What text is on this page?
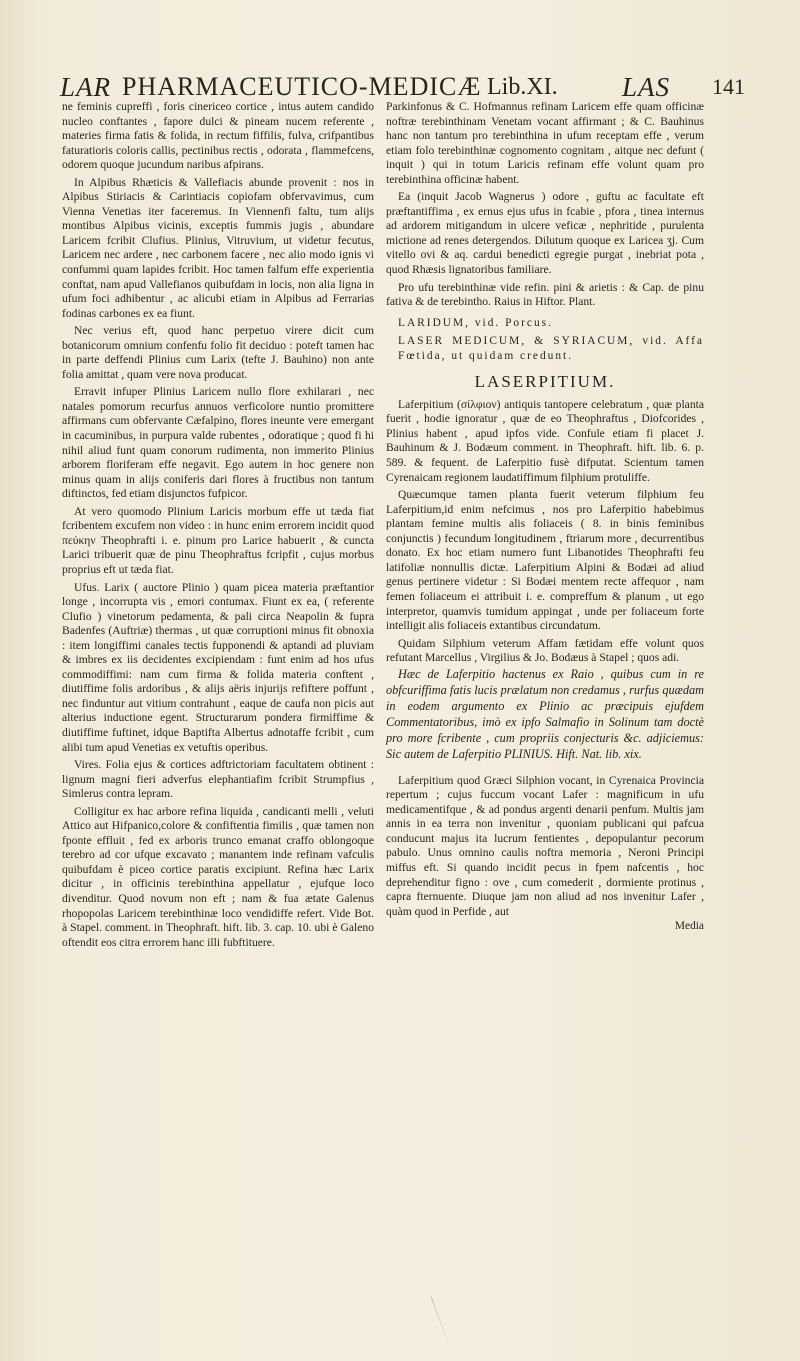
LAR PHARMACEUTICO-MEDICÆ Lib.XI. LAS 141

ne feminis cupreffi , foris cinericeo cortice , intus autem candido nucleo conftantes , fapore dulci & pineam nucem referente , materies firma fatis & folida, in rectum fiffilis, fulva, crifpantibus faturatioris coloris callis, pectinibus rectis , odorata , flammefcens, odorem quoque jucundum naribus afpirans.

In Alpibus Rhæticis & Vallefiacis abunde provenit : nos in Alpibus Stiriacis & Carintiacis copiofam obfervavimus, cum Vienna Venetias iter faceremus. In Viennenfi faltu, tum alijs montibus Alpibus vicinis, exceptis fummis jugis , abundare Laricem fcribit Clufius. Plinius, Vitruvium, ut videtur fecutus, Laricem nec ardere , nec carbonem facere , nec alio modo ignis vi confummi quam lapides fcribit. Hoc tamen falfum effe experientia conftat, nam apud Vallefianos quibufdam in locis, non alia ligna in ufum foci adhibentur , ac alicubi etiam in Alpibus ad Ferrarias fodinas carbones ex ea fiunt.

Nec verius eft, quod hanc perpetuo virere dicit cum botanicorum omnium confenfu folio fit deciduo : poteft tamen hac in parte deffendi Plinius cum Larix (tefte J. Bauhino) non ante folia amittat , quam vere nova producat.

Erravit infuper Plinius Laricem nullo flore exhilarari , nec natales pomorum recurfus annuos verficolore nuntio promittere affirmans cum obfervante Cæfalpino, flores ineunte vere emergant in cacuminibus, in purpura valde rubentes , odoratique ; quod fi hi nihil aliud funt quam conorum rudimenta, non immerito Plinius arborem floriferam effe negavit. Ego autem in hoc genere non minus quam in alijs coniferis dari flores à fructibus non tantum diftinctos, fed etiam disjunctos fufpicor.

At vero quomodo Plinium Laricis morbum effe ut tæda fiat fcribentem excufem non video : in hunc enim errorem incidit quod πεύκην Theophrafti i. e. pinum pro Larice habuerit , & cuncta Larici tribuerit quæ de pinu Theophraftus fcripfit , cujus morbus proprius eft ut tæda fiat.

Ufus. Larix ( auctore Plinio ) quam picea materia præftantior longe , incorrupta vis , emori contumax. Fiunt ex ea, ( referente Clufio ) vinetorum pedamenta, & pali circa Neapolin & fupra Badenfes (Auftriæ) thermas , ut quæ corruptioni minus fit obnoxia : item longiffimi canales tectis fupponendi & aptandi ad pluviam & imbres ex iis decidentes excipiendam : funt enim ad hos ufus commodiffimi: nam cum firma & folida materia conftent , diutiffime folis ardoribus , & alijs aëris injurijs refiftere poffunt , nec finduntur aut vitium contrahunt , eaque de caufa non picis aut alterius inductione egent. Structurarum pondera firmiffime & diutiffime fuftinet, idque Baptifta Albertus adnotaffe fcribit , cum alibi tum apud Venetias ex vetuftis operibus.

Vires. Folia ejus & cortices adftrictoriam facultatem obtinent : lignum magni fieri adverfus elephantiafim fcribit Strumpfius , Simlerus contra lepram.

Colligitur ex hac arbore refina liquida , candicanti melli , veluti Attico aut Hifpanico,colore & confiftentia fimilis , quæ tamen non fponte effluit , fed ex arboris trunco emanat craffo oblongoque terebro ad cor ufque excavato ; manantem inde refinam vafculis quibufdam è piceo cortice paratis excipiunt. Refina hæc Larix dicitur , in officinis terebinthina appellatur , ejufque loco divenditur. Quod novum non eft ; nam & fua ætate Galenus rhopopolas Laricem terebinthinæ loco vendidiffe refert. Vide Bot. à Stapel. comment. in Theophraft. hift. lib. 3. cap. 10. ubi è Galeno oftendit eos citra errorem hanc illi fubftituere.

Parkinfonus & C. Hofmannus refinam Laricem effe quam officinæ noftræ terebinthinam Venetam vocant affirmant ; & C. Bauhinus hanc non tantum pro terebinthina in ufum receptam effe , verum etiam folo terebinthinæ cognomento cognitam , aitque nec defunt ( inquit ) qui in totum Laricis refinam effe volunt quam pro terebinthina officinæ habent.

Ea (inquit Jacob Wagnerus ) odore , guftu ac facultate eft præftantiffima , ex ernus ejus ufus in fcabie , pfora , tinea internus ad ardorem mitigandum in ulcere veficæ , nephritide , purulenta mictione ad renes detergendos. Dilutum quoque ex Laricea ʒj. Cum vitello ovi & aq. cardui benedicti egregie purgat , inebriat pota , quod Rhæsis lignatoribus familiare.

Pro ufu terebinthinæ vide refin. pini & arietis : & Cap. de pinu fativa & de terebintho. Raius in Hiftor. Plant.

LARIDUM, vid. Porcus.
LASER MEDICUM, & SYRIACUM, vid. Affa Fœtida, ut quidam credunt.
LASERPITIUM.

Laferpitium (σίλφιον) antiquis tantopere celebratum , quæ planta fuerit , hodie ignoratur , quæ de eo Theophraftus , Diofcorides , Plinius habent , apud ipfos vide. Confule etiam fi placet J. Bauhinum & J. Bodæum comment. in Theophraft. hift. lib. 6. p. 589. & fequent. de Laferpitio fusè difputat. Scientum tamen Cyrenaicam regionem laudatiffimum filphium protuliffe.

Quæcumque tamen planta fuerit veterum filphium feu Laferpitium,id enim nefcimus , nos pro Laferpitio habebimus plantam femine multis alis foliaceis ( 8. in binis feminibus conjunctis ) fecundum longitudinem , ftriarum more , decurrentibus donato. Ex hoc etiam numero funt Libanotides Theophrafti feu latifoliæ nonnullis dictæ. Laferpitium Alpini & Bodæi ad aliud genus pertinere videtur : Si Bodæi mentem recte affequor , nam femen foliaceum ei attribuit i. e. compreffum & planum , ut ego interpretor, quamvis tumidum appingat , unde per foliaceum forte intelligit alis foliaceis extantibus circundatum.

Quidam Silphium veterum Affam fætidam effe volunt quos refutant Marcellus , Virgilius & Jo. Bodæus à Stapel ; quos adi.

Hæc de Laferpitio hactenus ex Raio , quibus cum in re obfcuriffima fatis lucis prælatum non credamus , rurfus quædam in eodem argumento ex Plinio ac præcipuis ejufdem Commentatoribus, imò ex ipfo Salmafio in Solinum tam doctè pro more fcribente , cum propriis conjecturis &c. adjiciemus: Sic autem de Laferpitio PLINIUS. Hift. Nat. lib. xix.

Laferpitium quod Græci Silphion vocant, in Cyrenaica Provincia repertum ; cujus fuccum vocant Lafer : magnificum in ufu medicamentifque , & ad pondus argenti denarii penfum. Multis jam annis in ea terra non invenitur , quoniam publicani qui pafcua conducunt majus ita lucrum fentientes , depopulantur pecorum pabulo. Unus omnino caulis noftra memoria , Neroni Principi miffus eft. Si quando incidit pecus in fpem nafcentis , hoc deprehenditur figno : ove , cum comederit , dormiente protinus , capra fternuente. Diuque jam non aliud ad nos invenitur Lafer , quàm quod in Perfide , aut

Media
